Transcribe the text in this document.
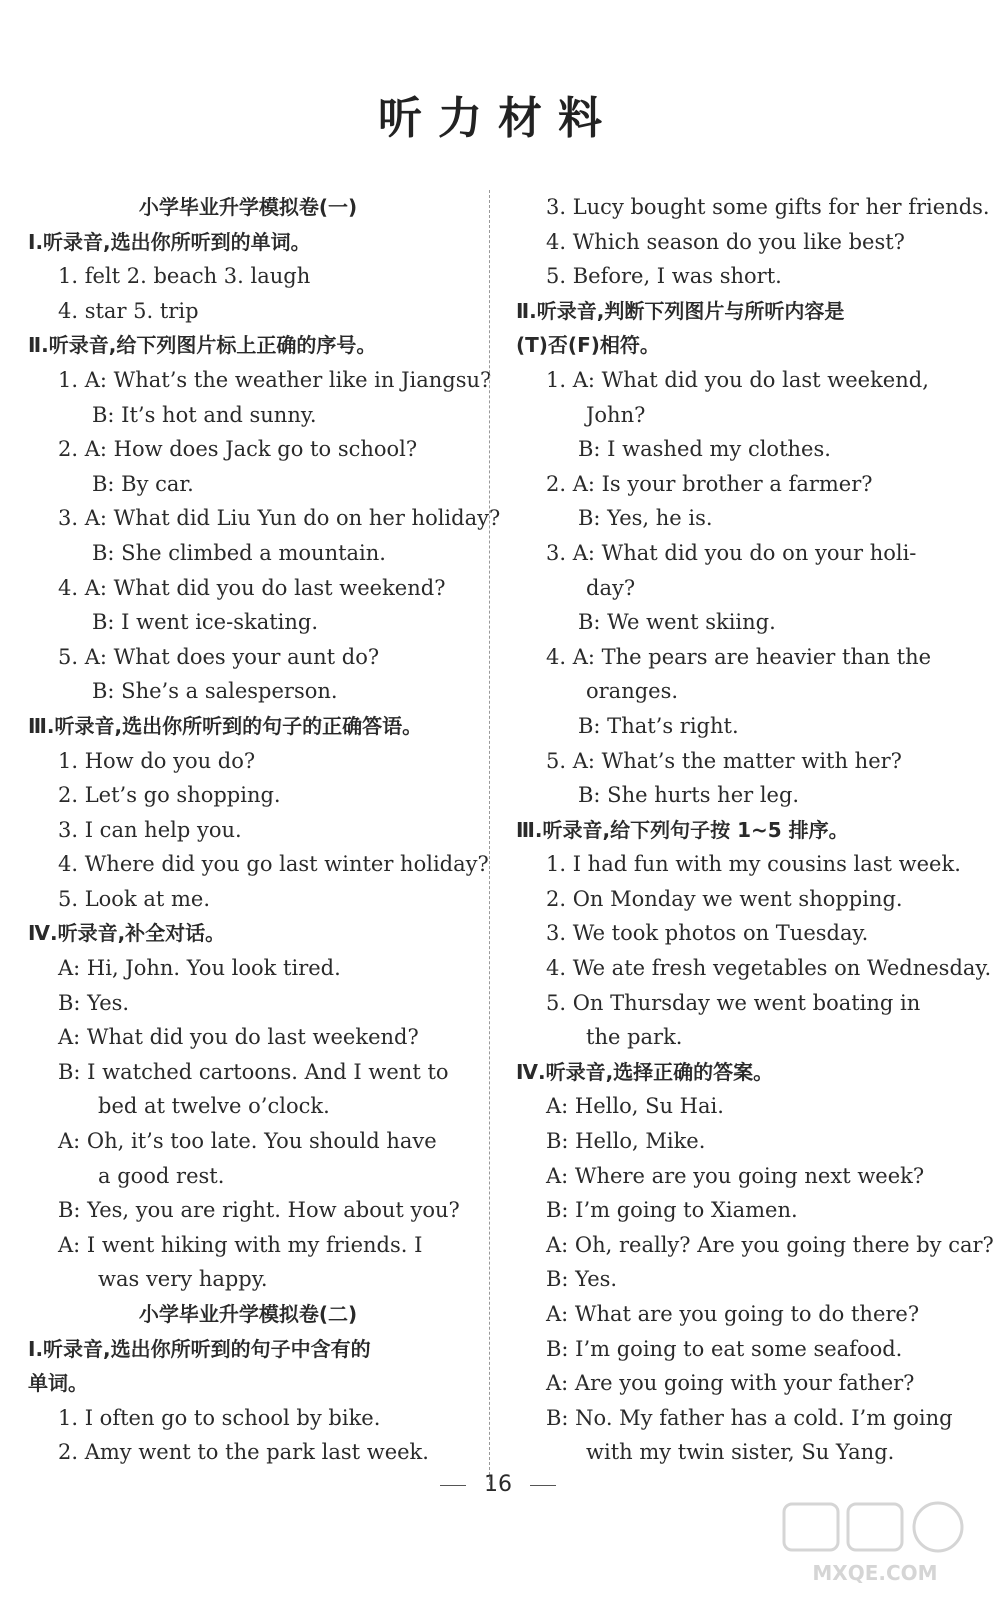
听力材料
小学毕业升学模拟卷(一)
Ⅰ.听录音,选出你所听到的单词。
1. felt 2. beach 3. laugh
4. star 5. trip
Ⅱ.听录音,给下列图片标上正确的序号。
1. A: What’s the weather like in Jiangsu?
B: It’s hot and sunny.
2. A: How does Jack go to school?
B: By car.
3. A: What did Liu Yun do on her holiday?
B: She climbed a mountain.
4. A: What did you do last weekend?
B: I went ice-skating.
5. A: What does your aunt do?
B: She’s a salesperson.
Ⅲ.听录音,选出你所听到的句子的正确答语。
1. How do you do?
2. Let’s go shopping.
3. I can help you.
4. Where did you go last winter holiday?
5. Look at me.
Ⅳ.听录音,补全对话。
A: Hi, John. You look tired.
B: Yes.
A: What did you do last weekend?
B: I watched cartoons. And I went to
bed at twelve o’clock.
A: Oh, it’s too late. You should have
a good rest.
B: Yes, you are right. How about you?
A: I went hiking with my friends. I
was very happy.
小学毕业升学模拟卷(二)
Ⅰ.听录音,选出你所听到的句子中含有的
单词。
1. I often go to school by bike.
2. Amy went to the park last week.
3. Lucy bought some gifts for her friends.
4. Which season do you like best?
5. Before, I was short.
Ⅱ.听录音,判断下列图片与所听内容是
(T)否(F)相符。
1. A: What did you do last weekend,
John?
B: I washed my clothes.
2. A: Is your brother a farmer?
B: Yes, he is.
3. A: What did you do on your holi-
day?
B: We went skiing.
4. A: The pears are heavier than the
oranges.
B: That’s right.
5. A: What’s the matter with her?
B: She hurts her leg.
Ⅲ.听录音,给下列句子按 1~5 排序。
1. I had fun with my cousins last week.
2. On Monday we went shopping.
3. We took photos on Tuesday.
4. We ate fresh vegetables on Wednesday.
5. On Thursday we went boating in
the park.
Ⅳ.听录音,选择正确的答案。
A: Hello, Su Hai.
B: Hello, Mike.
A: Where are you going next week?
B: I’m going to Xiamen.
A: Oh, really? Are you going there by car?
B: Yes.
A: What are you going to do there?
B: I’m going to eat some seafood.
A: Are you going with your father?
B: No. My father has a cold. I’m going
with my twin sister, Su Yang.
16
MXQE.COM
